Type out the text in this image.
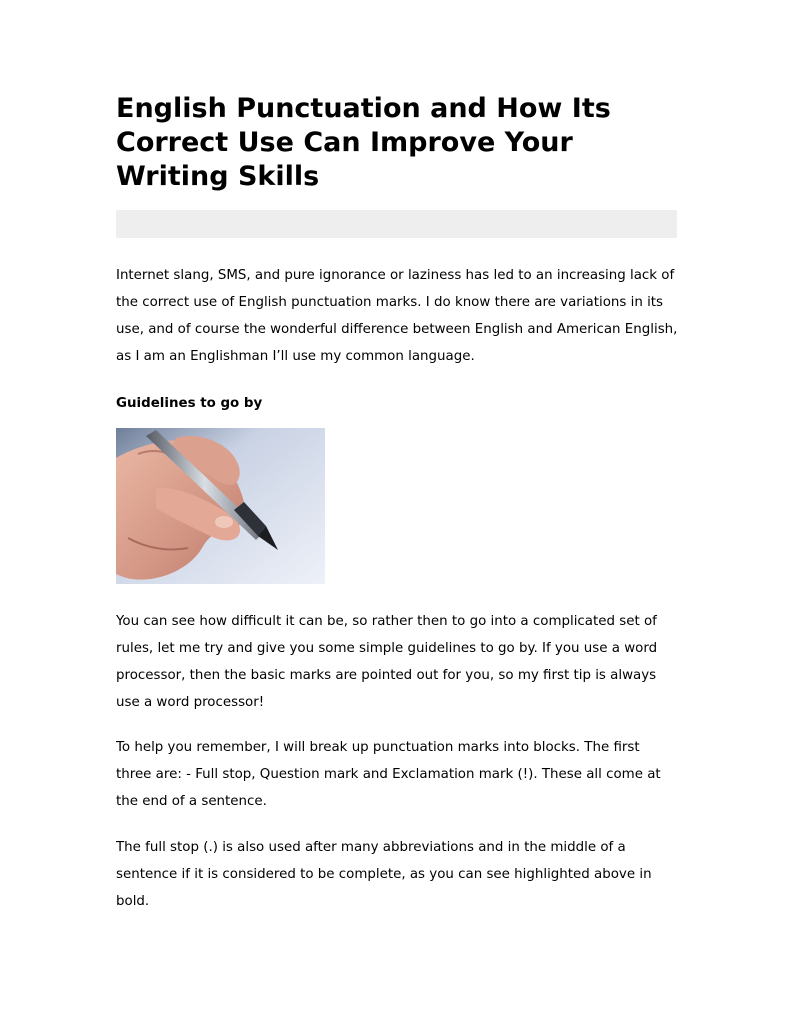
English Punctuation and How Its Correct Use Can Improve Your Writing Skills

Internet slang, SMS, and pure ignorance or laziness has led to an increasing lack of the correct use of English punctuation marks. I do know there are variations in its use, and of course the wonderful difference between English and American English, as I am an Englishman I’ll use my common language.

Guidelines to go by

You can see how difficult it can be, so rather then to go into a complicated set of rules, let me try and give you some simple guidelines to go by. If you use a word processor, then the basic marks are pointed out for you, so my first tip is always use a word processor!

To help you remember, I will break up punctuation marks into blocks. The first three are: - Full stop, Question mark and Exclamation mark (!). These all come at the end of a sentence.

The full stop (.) is also used after many abbreviations and in the middle of a sentence if it is considered to be complete, as you can see highlighted above in bold.
